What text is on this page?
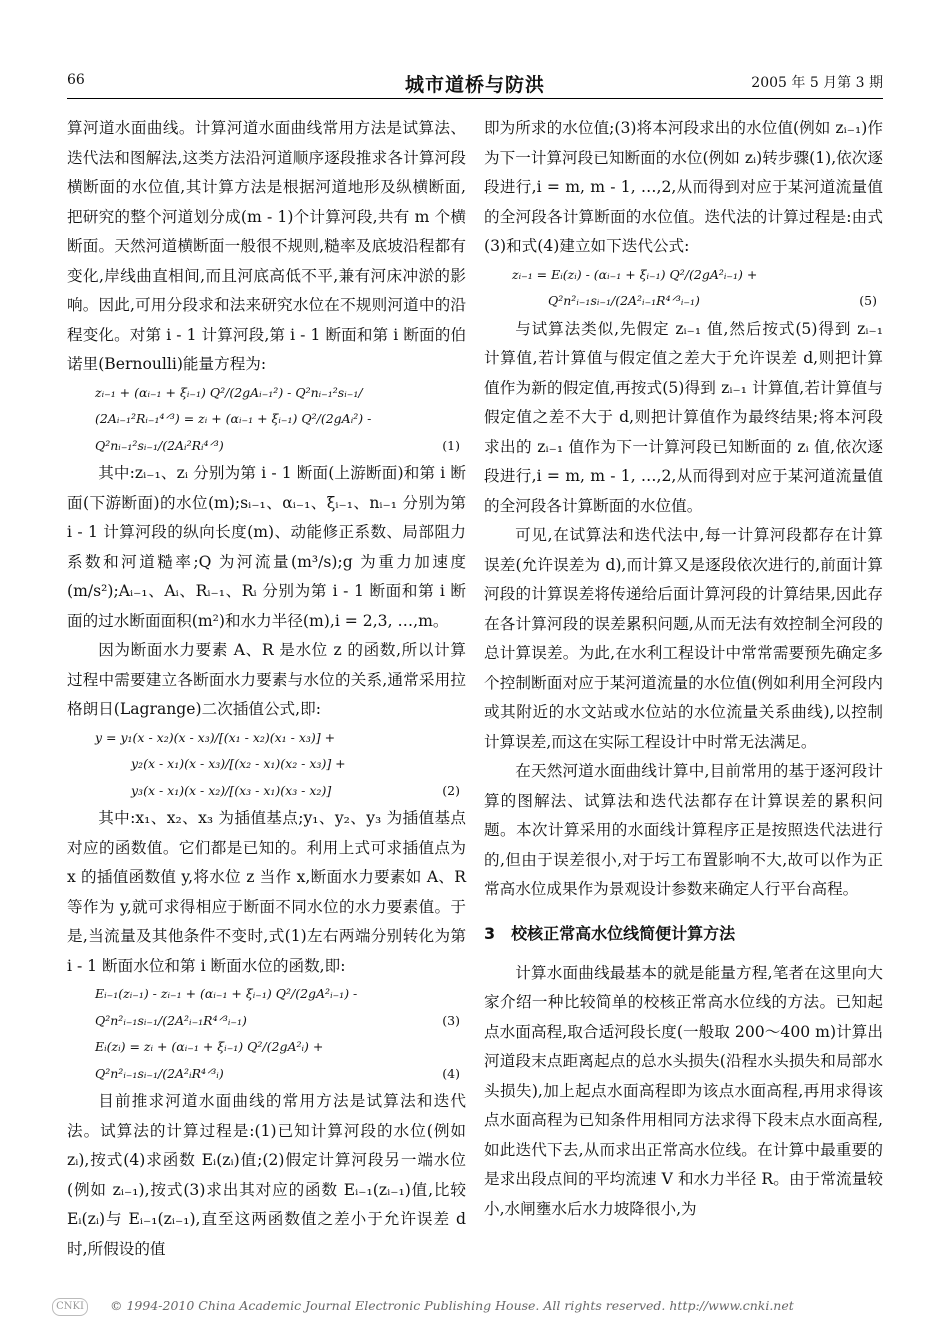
66	城市道桥与防洪	2005 年 5 月第 3 期

算河道水面曲线。计算河道水面曲线常用方法是试算法、迭代法和图解法,这类方法沿河道顺序逐段推求各计算河段横断面的水位值,其计算方法是根据河道地形及纵横断面,把研究的整个河道划分成(m - 1)个计算河段,共有 m 个横断面。天然河道横断面一般很不规则,糙率及底坡沿程都有变化,岸线曲直相间,而且河底高低不平,兼有河床冲淤的影响。因此,可用分段求和法来研究水位在不规则河道中的沿程变化。对第 i - 1 计算河段,第 i - 1 断面和第 i 断面的伯诺里(Bernoulli)能量方程为:

zᵢ₋₁ + (αᵢ₋₁ + ξᵢ₋₁) Q²/(2gAᵢ₋₁²) - Q²nᵢ₋₁²sᵢ₋₁/
(2Aᵢ₋₁²Rᵢ₋₁⁴ᐟ³) = zᵢ + (αᵢ₋₁ + ξᵢ₋₁) Q²/(2gAᵢ²) -
Q²nᵢ₋₁²sᵢ₋₁/(2Aᵢ²Rᵢ⁴ᐟ³)	(1)

其中:zᵢ₋₁、zᵢ 分别为第 i - 1 断面(上游断面)和第 i 断面(下游断面)的水位(m);sᵢ₋₁、αᵢ₋₁、ξᵢ₋₁、nᵢ₋₁ 分别为第 i - 1 计算河段的纵向长度(m)、动能修正系数、局部阻力系数和河道糙率;Q 为河流量(m³/s);g 为重力加速度(m/s²);Aᵢ₋₁、Aᵢ、Rᵢ₋₁、Rᵢ 分别为第 i - 1 断面和第 i 断面的过水断面面积(m²)和水力半径(m),i = 2,3, …,m。

因为断面水力要素 A、R 是水位 z 的函数,所以计算过程中需要建立各断面水力要素与水位的关系,通常采用拉格朗日(Lagrange)二次插值公式,即:

y = y₁(x - x₂)(x - x₃)/[(x₁ - x₂)(x₁ - x₃)] +
y₂(x - x₁)(x - x₃)/[(x₂ - x₁)(x₂ - x₃)] +
y₃(x - x₁)(x - x₂)/[(x₃ - x₁)(x₃ - x₂)]	(2)

其中:x₁、x₂、x₃ 为插值基点;y₁、y₂、y₃ 为插值基点对应的函数值。它们都是已知的。利用上式可求插值点为 x 的插值函数值 y,将水位 z 当作 x,断面水力要素如 A、R 等作为 y,就可求得相应于断面不同水位的水力要素值。于是,当流量及其他条件不变时,式(1)左右两端分别转化为第 i - 1 断面水位和第 i 断面水位的函数,即:

Eᵢ₋₁(zᵢ₋₁) - zᵢ₋₁ + (αᵢ₋₁ + ξᵢ₋₁) Q²/(2gA²ᵢ₋₁) -
Q²n²ᵢ₋₁sᵢ₋₁/(2A²ᵢ₋₁R⁴ᐟ³ᵢ₋₁)	(3)
Eᵢ(zᵢ) = zᵢ + (αᵢ₋₁ + ξᵢ₋₁) Q²/(2gA²ᵢ) +
Q²n²ᵢ₋₁sᵢ₋₁/(2A²ᵢR⁴ᐟ³ᵢ)	(4)

目前推求河道水面曲线的常用方法是试算法和迭代法。试算法的计算过程是:(1)已知计算河段的水位(例如 zᵢ),按式(4)求函数 Eᵢ(zᵢ)值;(2)假定计算河段另一端水位(例如 zᵢ₋₁),按式(3)求出其对应的函数 Eᵢ₋₁(zᵢ₋₁)值,比较 Eᵢ(zᵢ)与 Eᵢ₋₁(zᵢ₋₁),直至这两函数值之差小于允许误差 d 时,所假设的值

即为所求的水位值;(3)将本河段求出的水位值(例如 zᵢ₋₁)作为下一计算河段已知断面的水位(例如 zᵢ)转步骤(1),依次逐段进行,i = m, m - 1, …,2,从而得到对应于某河道流量值的全河段各计算断面的水位值。迭代法的计算过程是:由式(3)和式(4)建立如下迭代公式:

zᵢ₋₁ = Eᵢ(zᵢ) - (αᵢ₋₁ + ξᵢ₋₁) Q²/(2gA²ᵢ₋₁) +
Q²n²ᵢ₋₁sᵢ₋₁/(2A²ᵢ₋₁R⁴ᐟ³ᵢ₋₁)	(5)

与试算法类似,先假定 zᵢ₋₁ 值,然后按式(5)得到 zᵢ₋₁ 计算值,若计算值与假定值之差大于允许误差 d,则把计算值作为新的假定值,再按式(5)得到 zᵢ₋₁ 计算值,若计算值与假定值之差不大于 d,则把计算值作为最终结果;将本河段求出的 zᵢ₋₁ 值作为下一计算河段已知断面的 zᵢ 值,依次逐段进行,i = m, m - 1, …,2,从而得到对应于某河道流量值的全河段各计算断面的水位值。

可见,在试算法和迭代法中,每一计算河段都存在计算误差(允许误差为 d),而计算又是逐段依次进行的,前面计算河段的计算误差将传递给后面计算河段的计算结果,因此存在各计算河段的误差累积问题,从而无法有效控制全河段的总计算误差。为此,在水利工程设计中常常需要预先确定多个控制断面对应于某河道流量的水位值(例如利用全河段内或其附近的水文站或水位站的水位流量关系曲线),以控制计算误差,而这在实际工程设计中时常无法满足。

在天然河道水面曲线计算中,目前常用的基于逐河段计算的图解法、试算法和迭代法都存在计算误差的累积问题。本次计算采用的水面线计算程序正是按照迭代法进行的,但由于误差很小,对于圬工布置影响不大,故可以作为正常高水位成果作为景观设计参数来确定人行平台高程。

3　校核正常高水位线简便计算方法

计算水面曲线最基本的就是能量方程,笔者在这里向大家介绍一种比较简单的校核正常高水位线的方法。已知起点水面高程,取合适河段长度(一般取 200～400 m)计算出河道段末点距离起点的总水头损失(沿程水头损失和局部水头损失),加上起点水面高程即为该点水面高程,再用求得该点水面高程为已知条件用相同方法求得下段末点水面高程,如此迭代下去,从而求出正常高水位线。在计算中最重要的是求出段点间的平均流速 V 和水力半径 R。由于常流量较小,水闸壅水后水力坡降很小,为

CNKI	© 1994-2010 China Academic Journal Electronic Publishing House. All rights reserved. http://www.cnki.net
